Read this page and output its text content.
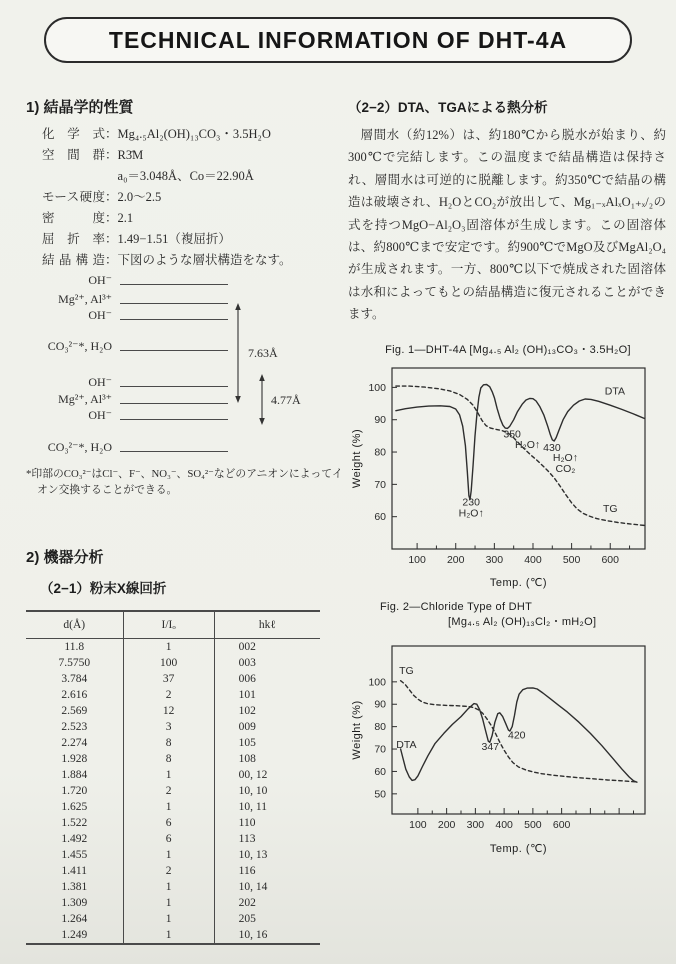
TECHNICAL INFORMATION OF DHT-4A
1) 結晶学的性質
化学式：Mg₄.₅Al₂(OH)₁₃CO₃・3.5H₂O
空間群：R3̄M
a₀＝3.048Å、Co＝22.90Å
モース硬度：2.0〜2.5
密度：2.1
屈折率：1.49−1.51（複屈折）
結晶構造：下図のような層状構造をなす。
7.63Å
4.77Å
OH⁻
Mg²⁺, Al³⁺
OH⁻
CO₃²⁻*, H₂O
OH⁻
Mg²⁺, Al³⁺
OH⁻
CO₃²⁻*, H₂O

*印部のCO₃²⁻はCl⁻、F⁻、NO₃⁻、SO₄²⁻などのアニオンによってイオン交換することができる。

2) 機器分析
（2−1）粉末X線回折
d(Å)	I/Iₒ	hkℓ
11.8	1	002
7.5750	100	003
3.784	37	006
2.616	2	101
2.569	12	102
2.523	3	009
2.274	8	105
1.928	8	108
1.884	1	00, 12
1.720	2	10, 10
1.625	1	10, 11
1.522	6	110
1.492	6	113
1.455	1	10, 13
1.411	2	116
1.381	1	10, 14
1.309	1	202
1.264	1	205
1.249	1	10, 16
（2−2）DTA、TGAによる熱分析

層間水（約12%）は、約180℃から脱水が始まり、約300℃で完結します。この温度まで結晶構造は保持され、層間水は可逆的に脱離します。約350℃で結晶の構造は破壊され、H₂OとCO₂が放出して、Mg₁₋ₓAlₓO₁₊ₓ/₂の式を持つMgO−Al₂O₃固溶体が生成します。この固溶体は、約800℃まで安定です。約900℃でMgO及びMgAl₂O₄が生成されます。一方、800℃以下で焼成された固溶体は水和によってもとの結晶構造に復元されることができます。

Fig. 1—DHT-4A [Mg₄.₅ Al₂ (OH)₁₃CO₃・3.5H₂O]
100 200 300 400 500 600
60
70
80
90
100
230
H₂O↑
350
H₂O↑ 430
H₂O↑
CO₂
DTA
TG
Temp. (℃)
Weight (%)
Fig. 2—Chloride Type of DHT
[Mg₄.₅ Al₂ (OH)₁₃Cl₂・mH₂O]
100 200 300 400 500 600
50
60
70
80
90
100
TG
DTA	347
420
Temp. (℃)
Weight (%)
